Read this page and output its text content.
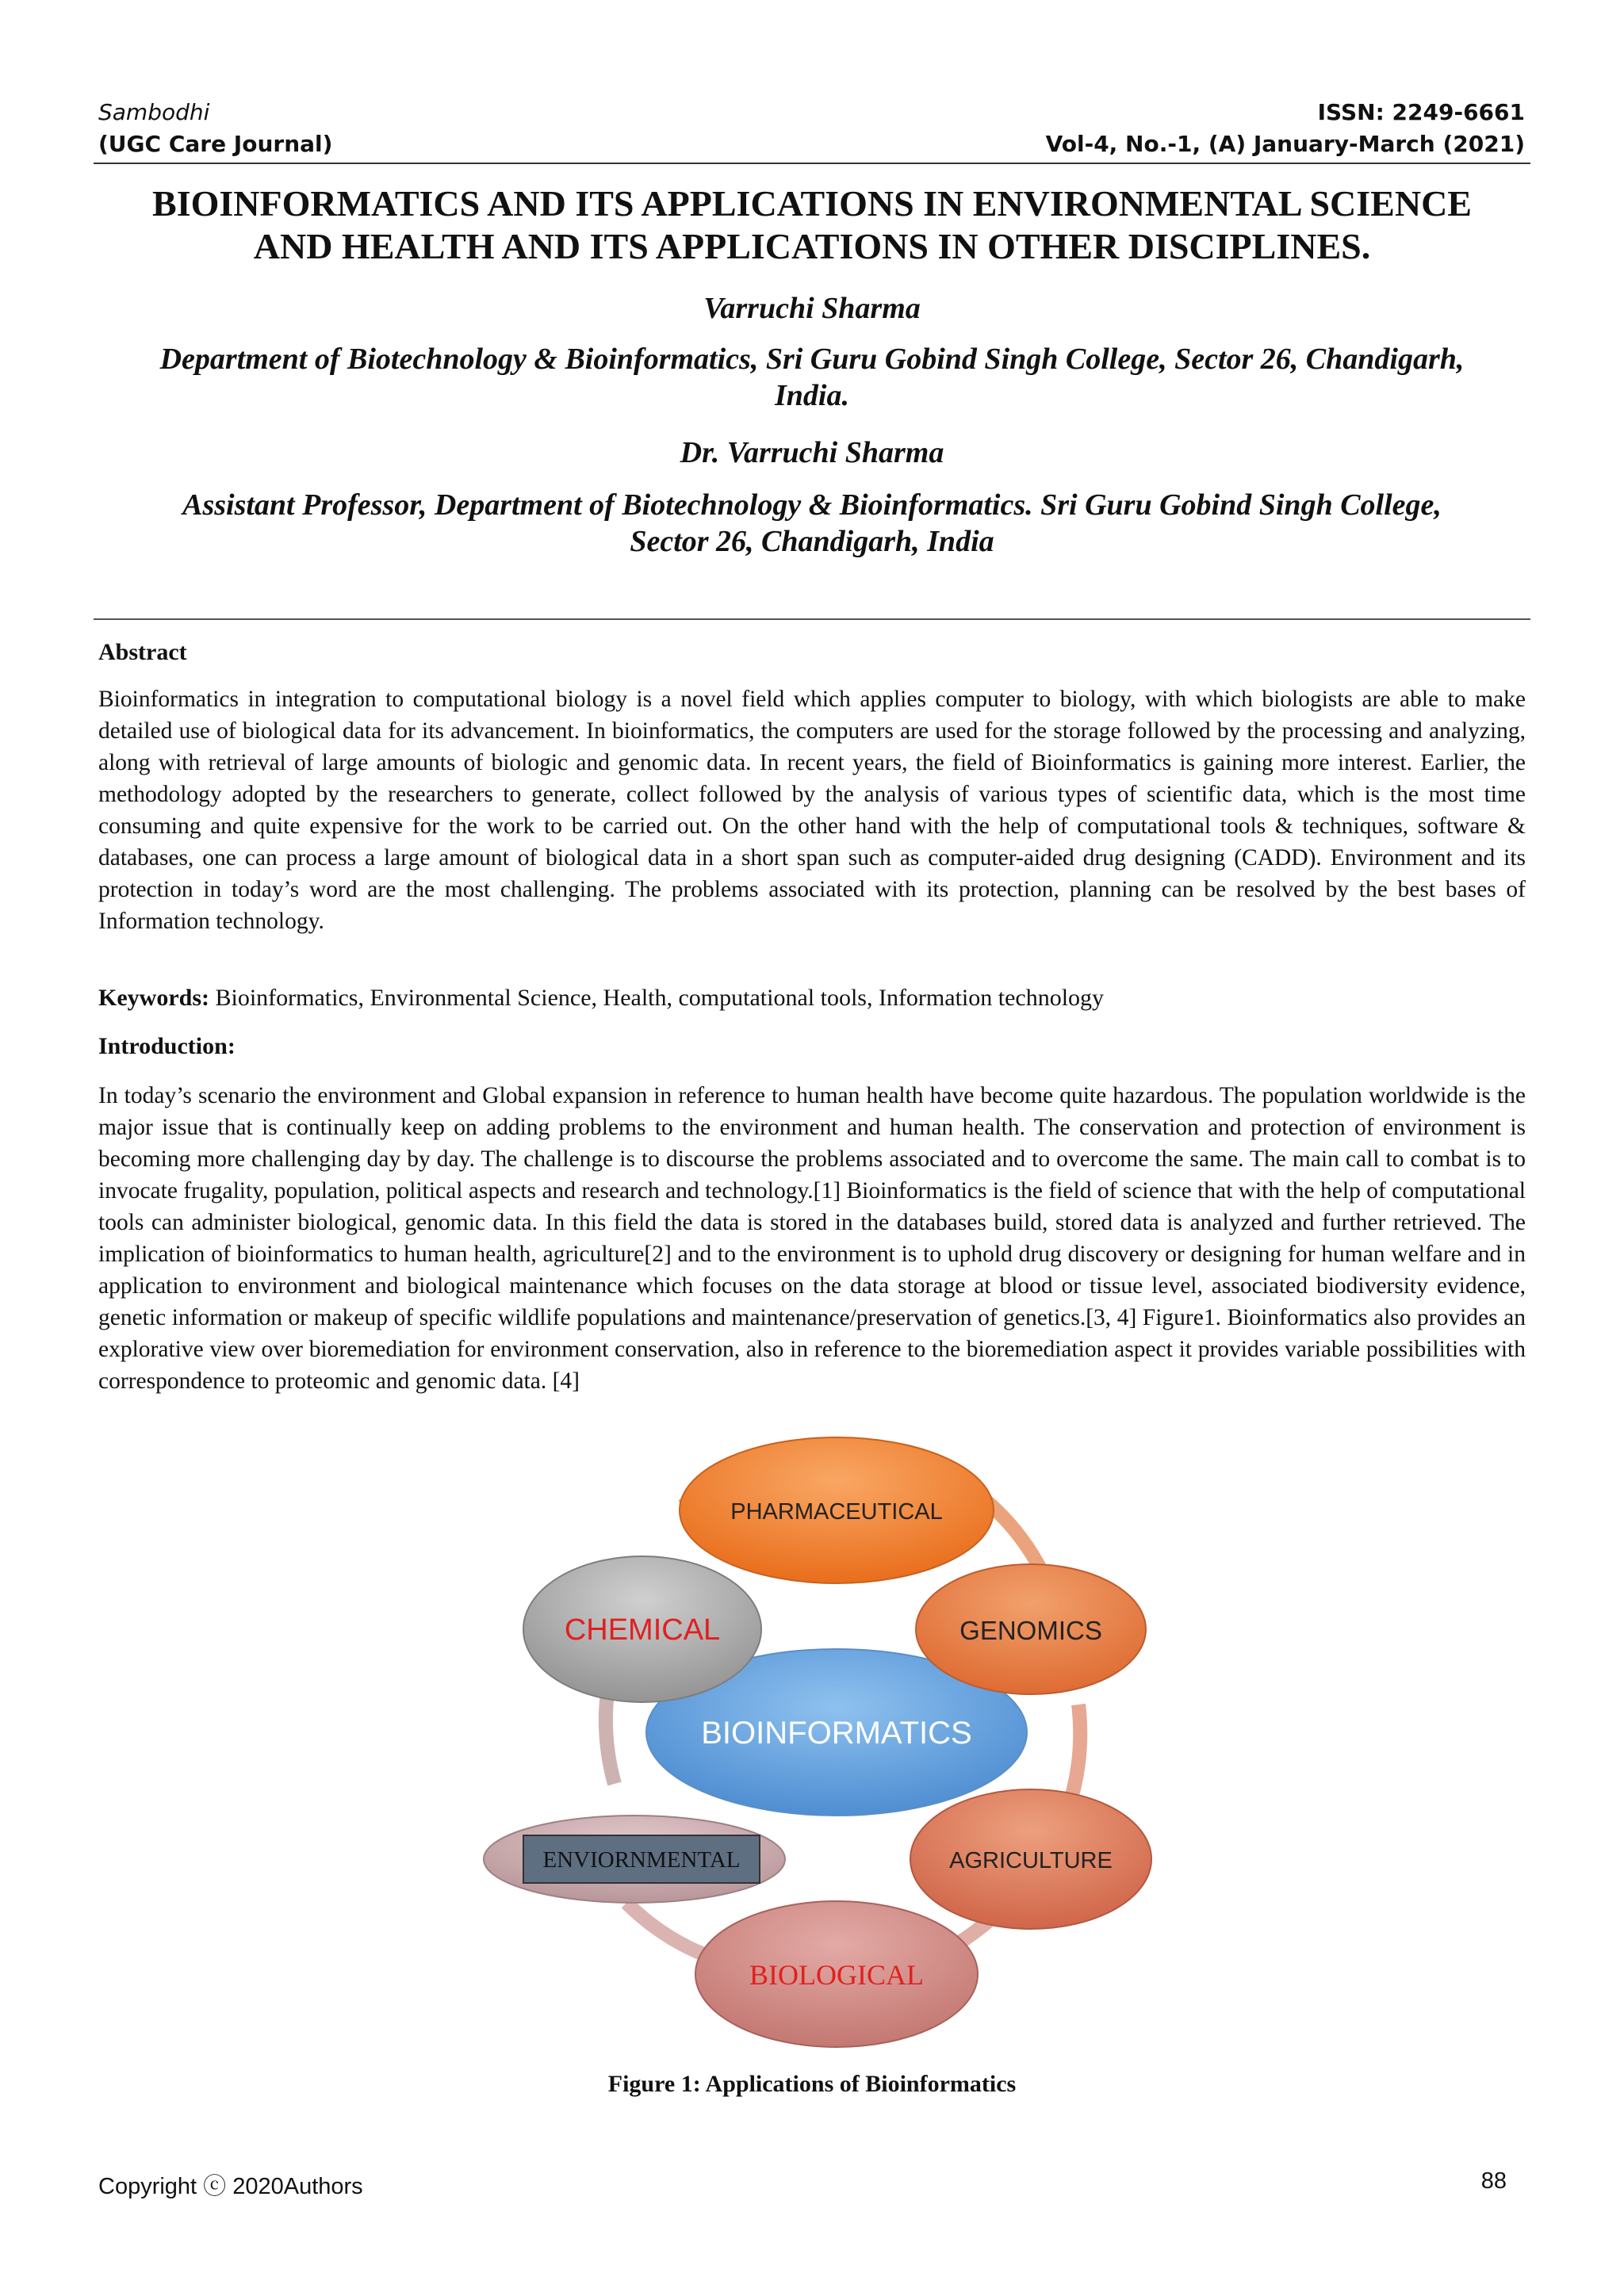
Sambodhi	ISSN: 2249-6661
(UGC Care Journal)	Vol-4, No.-1, (A) January-March (2021)
BIOINFORMATICS AND ITS APPLICATIONS IN ENVIRONMENTAL SCIENCE
AND HEALTH AND ITS APPLICATIONS IN OTHER DISCIPLINES.
Varruchi Sharma
Department of Biotechnology & Bioinformatics, Sri Guru Gobind Singh College, Sector 26, Chandigarh,
India.
Dr. Varruchi Sharma
Assistant Professor, Department of Biotechnology & Bioinformatics. Sri Guru Gobind Singh College,
Sector 26, Chandigarh, India
Abstract
Bioinformatics in integration to computational biology is a novel field which applies computer to biology, with which biologists are able to make detailed use of biological data for its advancement. In bioinformatics, the computers are used for the storage followed by the processing and analyzing, along with retrieval of large amounts of biologic and genomic data. In recent years, the field of Bioinformatics is gaining more interest. Earlier, the methodology adopted by the researchers to generate, collect followed by the analysis of various types of scientific data, which is the most time consuming and quite expensive for the work to be carried out. On the other hand with the help of computational tools & techniques, software & databases, one can process a large amount of biological data in a short span such as computer-aided drug designing (CADD). Environment and its protection in today’s word are the most challenging. The problems associated with its protection, planning can be resolved by the best bases of Information technology.
Keywords: Bioinformatics, Environmental Science, Health, computational tools, Information technology
Introduction:
In today’s scenario the environment and Global expansion in reference to human health have become quite hazardous. The population worldwide is the major issue that is continually keep on adding problems to the environment and human health. The conservation and protection of environment is becoming more challenging day by day. The challenge is to discourse the problems associated and to overcome the same. The main call to combat is to invocate frugality, population, political aspects and research and technology.[1] Bioinformatics is the field of science that with the help of computational tools can administer biological, genomic data. In this field the data is stored in the databases build, stored data is analyzed and further retrieved. The implication of bioinformatics to human health, agriculture[2] and to the environment is to uphold drug discovery or designing for human welfare and in application to environment and biological maintenance which focuses on the data storage at blood or tissue level, associated biodiversity evidence, genetic information or makeup of specific wildlife populations and maintenance/preservation of genetics.[3, 4] Figure1. Bioinformatics also provides an explorative view over bioremediation for environment conservation, also in reference to the bioremediation aspect it provides variable possibilities with correspondence to proteomic and genomic data. [4]
BIOINFORMATICS
PHARMACEUTICAL
GENOMICS
AGRICULTURE
BIOLOGICAL
ENVIORNMENTAL
CHEMICAL
Figure 1: Applications of Bioinformatics
Copyright ⓒ 2020Authors	88
